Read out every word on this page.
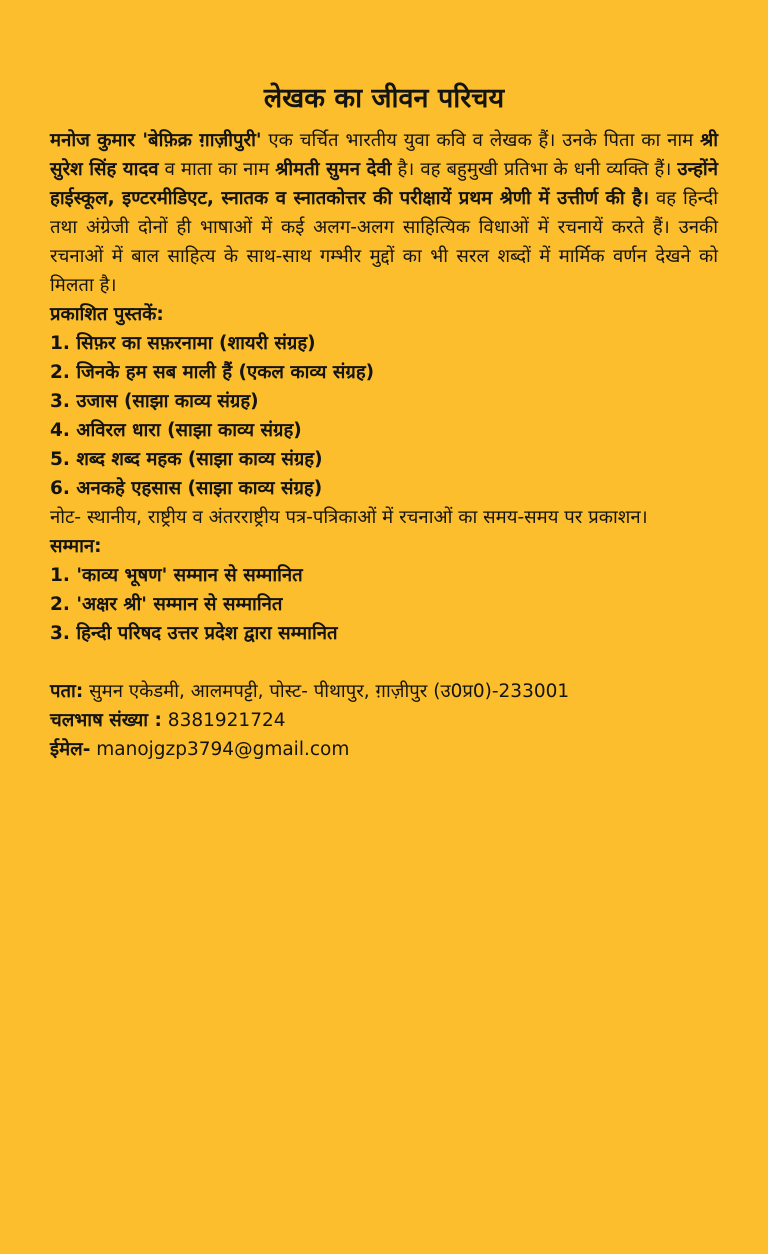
लेखक का जीवन परिचय

मनोज कुमार 'बेफ़िक्र ग़ाज़ीपुरी' एक चर्चित भारतीय युवा कवि व लेखक हैं। उनके पिता का नाम श्री सुरेश सिंह यादव व माता का नाम श्रीमती सुमन देवी है। वह बहुमुखी प्रतिभा के धनी व्यक्ति हैं। उन्होंने हाईस्कूल, इण्टरमीडिएट, स्नातक व स्नातकोत्तर की परीक्षायें प्रथम श्रेणी में उत्तीर्ण की है। वह हिन्दी तथा अंग्रेजी दोनों ही भाषाओं में कई अलग-अलग साहित्यिक विधाओं में रचनायें करते हैं। उनकी रचनाओं में बाल साहित्य के साथ-साथ गम्भीर मुद्दों का भी सरल शब्दों में मार्मिक वर्णन देखने को मिलता है।

प्रकाशित पुस्तकें:
1. सिफ़र का सफ़रनामा (शायरी संग्रह)
2. जिनके हम सब माली हैं (एकल काव्य संग्रह)
3. उजास (साझा काव्य संग्रह)
4. अविरल धारा (साझा काव्य संग्रह)
5. शब्द शब्द महक (साझा काव्य संग्रह)
6. अनकहे एहसास (साझा काव्य संग्रह)

नोट- स्थानीय, राष्ट्रीय व अंतरराष्ट्रीय पत्र-पत्रिकाओं में रचनाओं का समय-समय पर प्रकाशन।

सम्मान:
1. 'काव्य भूषण' सम्मान से सम्मानित
2. 'अक्षर श्री' सम्मान से सम्मानित
3. हिन्दी परिषद उत्तर प्रदेश द्वारा सम्मानित
पता: सुमन एकेडमी, आलमपट्टी, पोस्ट- पीथापुर, ग़ाज़ीपुर (उ0प्र0)-233001
चलभाष संख्या : 8381921724
ईमेल- manojgzp3794@gmail.com
